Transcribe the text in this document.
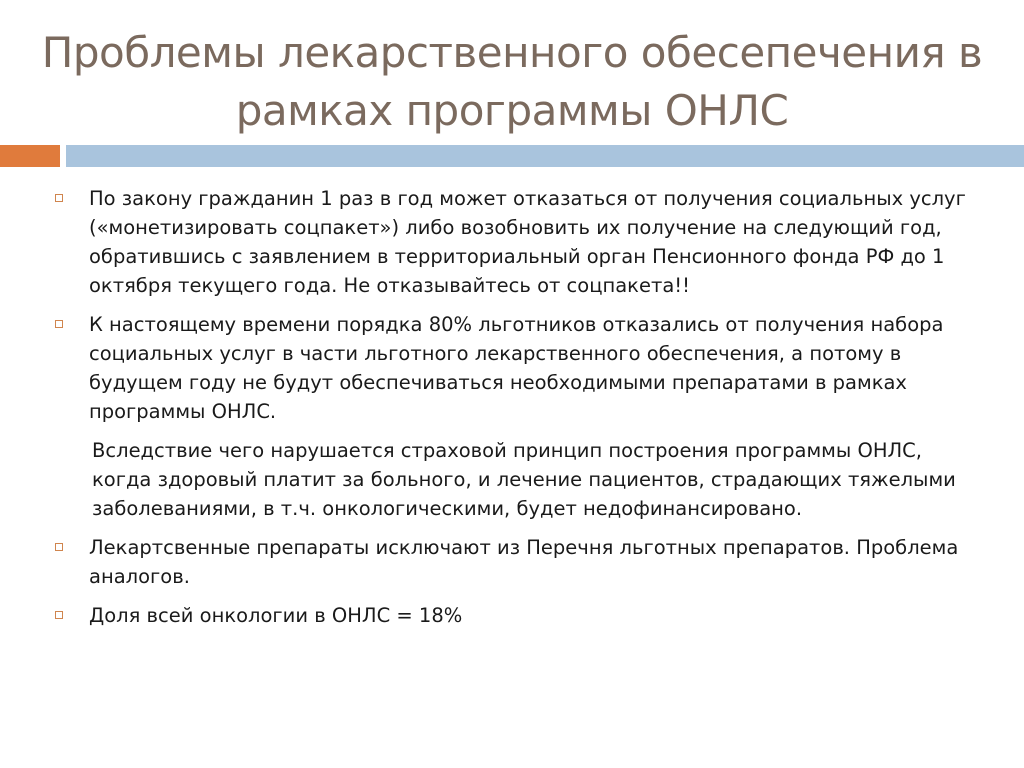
Проблемы лекарственного обесепечения в рамках программы ОНЛС
По закону гражданин 1 раз в год может отказаться от получения социальных услуг («монетизировать соцпакет») либо возобновить их получение на следующий год, обратившись с заявлением в территориальный орган Пенсионного фонда РФ до 1 октября текущего года. Не отказывайтесь от соцпакета!!
К настоящему времени порядка 80% льготников отказались от получения набора социальных услуг в части льготного лекарственного обеспечения, а потому в будущем году не будут обеспечиваться необходимыми препаратами в рамках программы ОНЛС.
Вследствие чего нарушается страховой принцип построения программы ОНЛС, когда здоровый платит за больного, и лечение пациентов, страдающих тяжелыми заболеваниями, в т.ч. онкологическими, будет недофинансировано.
Лекартсвенные препараты исключают из Перечня льготных препаратов. Проблема аналогов.
Доля всей онкологии в ОНЛС = 18%
